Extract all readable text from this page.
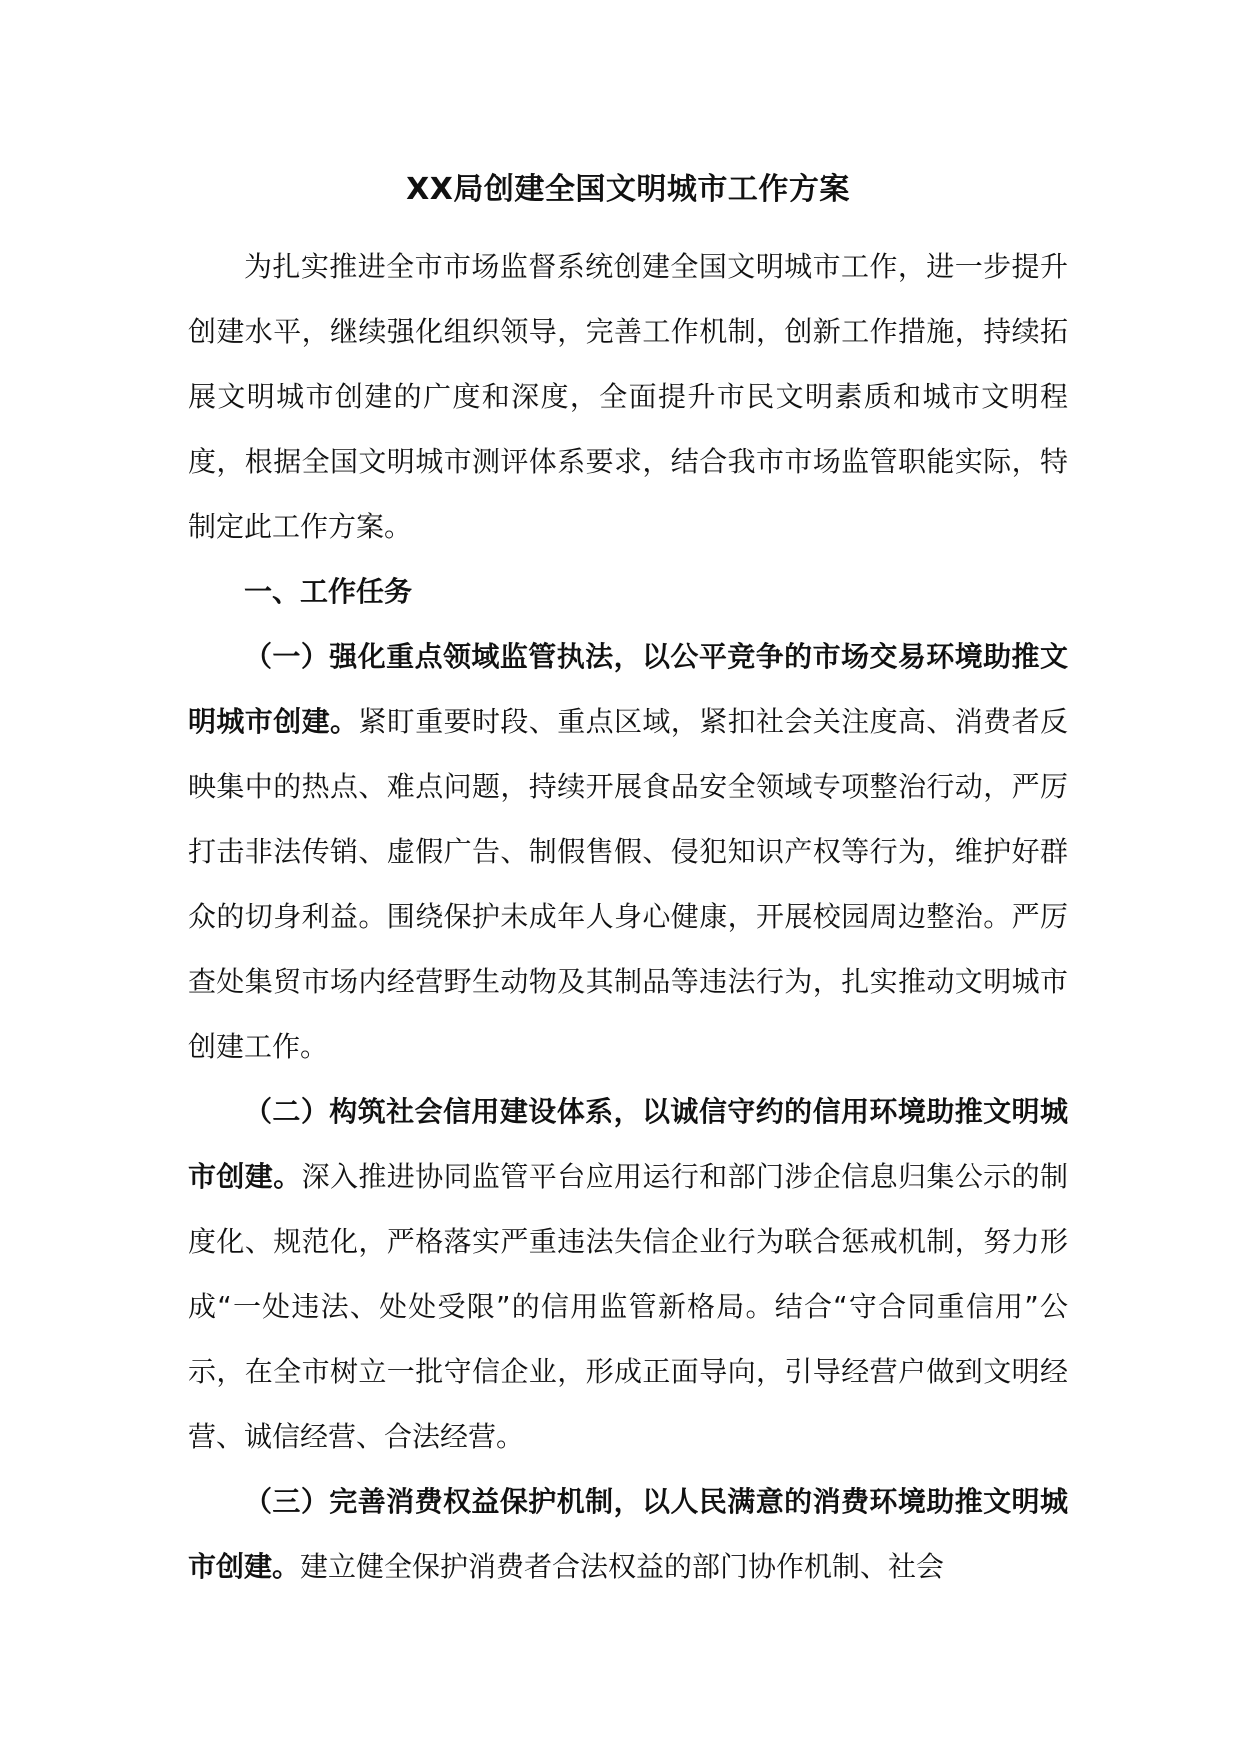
XX局创建全国文明城市工作方案

为扎实推进全市市场监督系统创建全国文明城市工作，进一步提升创建水平，继续强化组织领导，完善工作机制，创新工作措施，持续拓展文明城市创建的广度和深度，全面提升市民文明素质和城市文明程度，根据全国文明城市测评体系要求，结合我市市场监管职能实际，特制定此工作方案。

一、工作任务

（一）强化重点领域监管执法，以公平竞争的市场交易环境助推文明城市创建。紧盯重要时段、重点区域，紧扣社会关注度高、消费者反映集中的热点、难点问题，持续开展食品安全领域专项整治行动，严厉打击非法传销、虚假广告、制假售假、侵犯知识产权等行为，维护好群众的切身利益。围绕保护未成年人身心健康，开展校园周边整治。严厉查处集贸市场内经营野生动物及其制品等违法行为，扎实推动文明城市创建工作。

（二）构筑社会信用建设体系，以诚信守约的信用环境助推文明城市创建。深入推进协同监管平台应用运行和部门涉企信息归集公示的制度化、规范化，严格落实严重违法失信企业行为联合惩戒机制，努力形成“一处违法、处处受限”的信用监管新格局。结合“守合同重信用”公示，在全市树立一批守信企业，形成正面导向，引导经营户做到文明经营、诚信经营、合法经营。

（三）完善消费权益保护机制，以人民满意的消费环境助推文明城市创建。建立健全保护消费者合法权益的部门协作机制、社会
